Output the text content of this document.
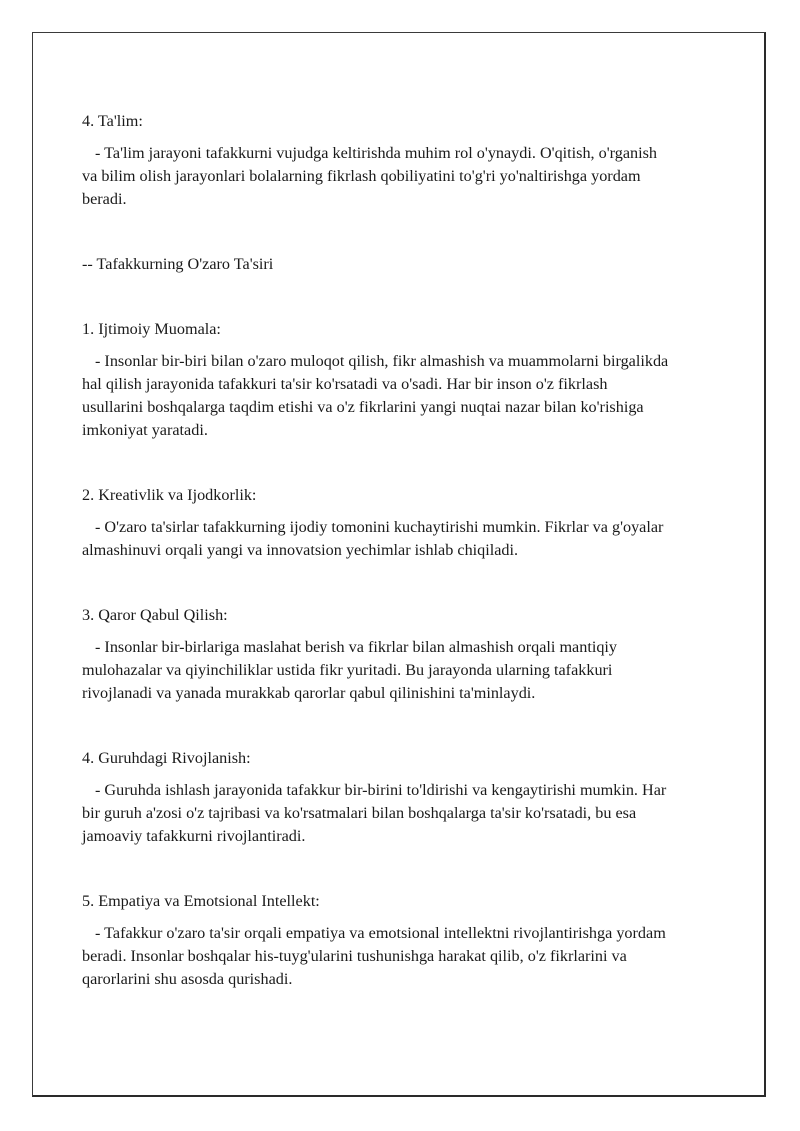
4. Ta'lim:

- Ta'lim jarayoni tafakkurni vujudga keltirishda muhim rol o'ynaydi. O'qitish, o'rganish va bilim olish jarayonlari bolalarning fikrlash qobiliyatini to'g'ri yo'naltirishga yordam beradi.

-- Tafakkurning O'zaro Ta'siri

1. Ijtimoiy Muomala:

- Insonlar bir-biri bilan o'zaro muloqot qilish, fikr almashish va muammolarni birgalikda hal qilish jarayonida tafakkuri ta'sir ko'rsatadi va o'sadi. Har bir inson o'z fikrlash usullarini boshqalarga taqdim etishi va o'z fikrlarini yangi nuqtai nazar bilan ko'rishiga imkoniyat yaratadi.

2. Kreativlik va Ijodkorlik:

- O'zaro ta'sirlar tafakkurning ijodiy tomonini kuchaytirishi mumkin. Fikrlar va g'oyalar almashinuvi orqali yangi va innovatsion yechimlar ishlab chiqiladi.

3. Qaror Qabul Qilish:

- Insonlar bir-birlariga maslahat berish va fikrlar bilan almashish orqali mantiqiy mulohazalar va qiyinchiliklar ustida fikr yuritadi. Bu jarayonda ularning tafakkuri rivojlanadi va yanada murakkab qarorlar qabul qilinishini ta'minlaydi.

4. Guruhdagi Rivojlanish:

- Guruhda ishlash jarayonida tafakkur bir-birini to'ldirishi va kengaytirishi mumkin. Har bir guruh a'zosi o'z tajribasi va ko'rsatmalari bilan boshqalarga ta'sir ko'rsatadi, bu esa jamoaviy tafakkurni rivojlantiradi.

5. Empatiya va Emotsional Intellekt:

- Tafakkur o'zaro ta'sir orqali empatiya va emotsional intellektni rivojlantirishga yordam beradi. Insonlar boshqalar his-tuyg'ularini tushunishga harakat qilib, o'z fikrlarini va qarorlarini shu asosda qurishadi.
